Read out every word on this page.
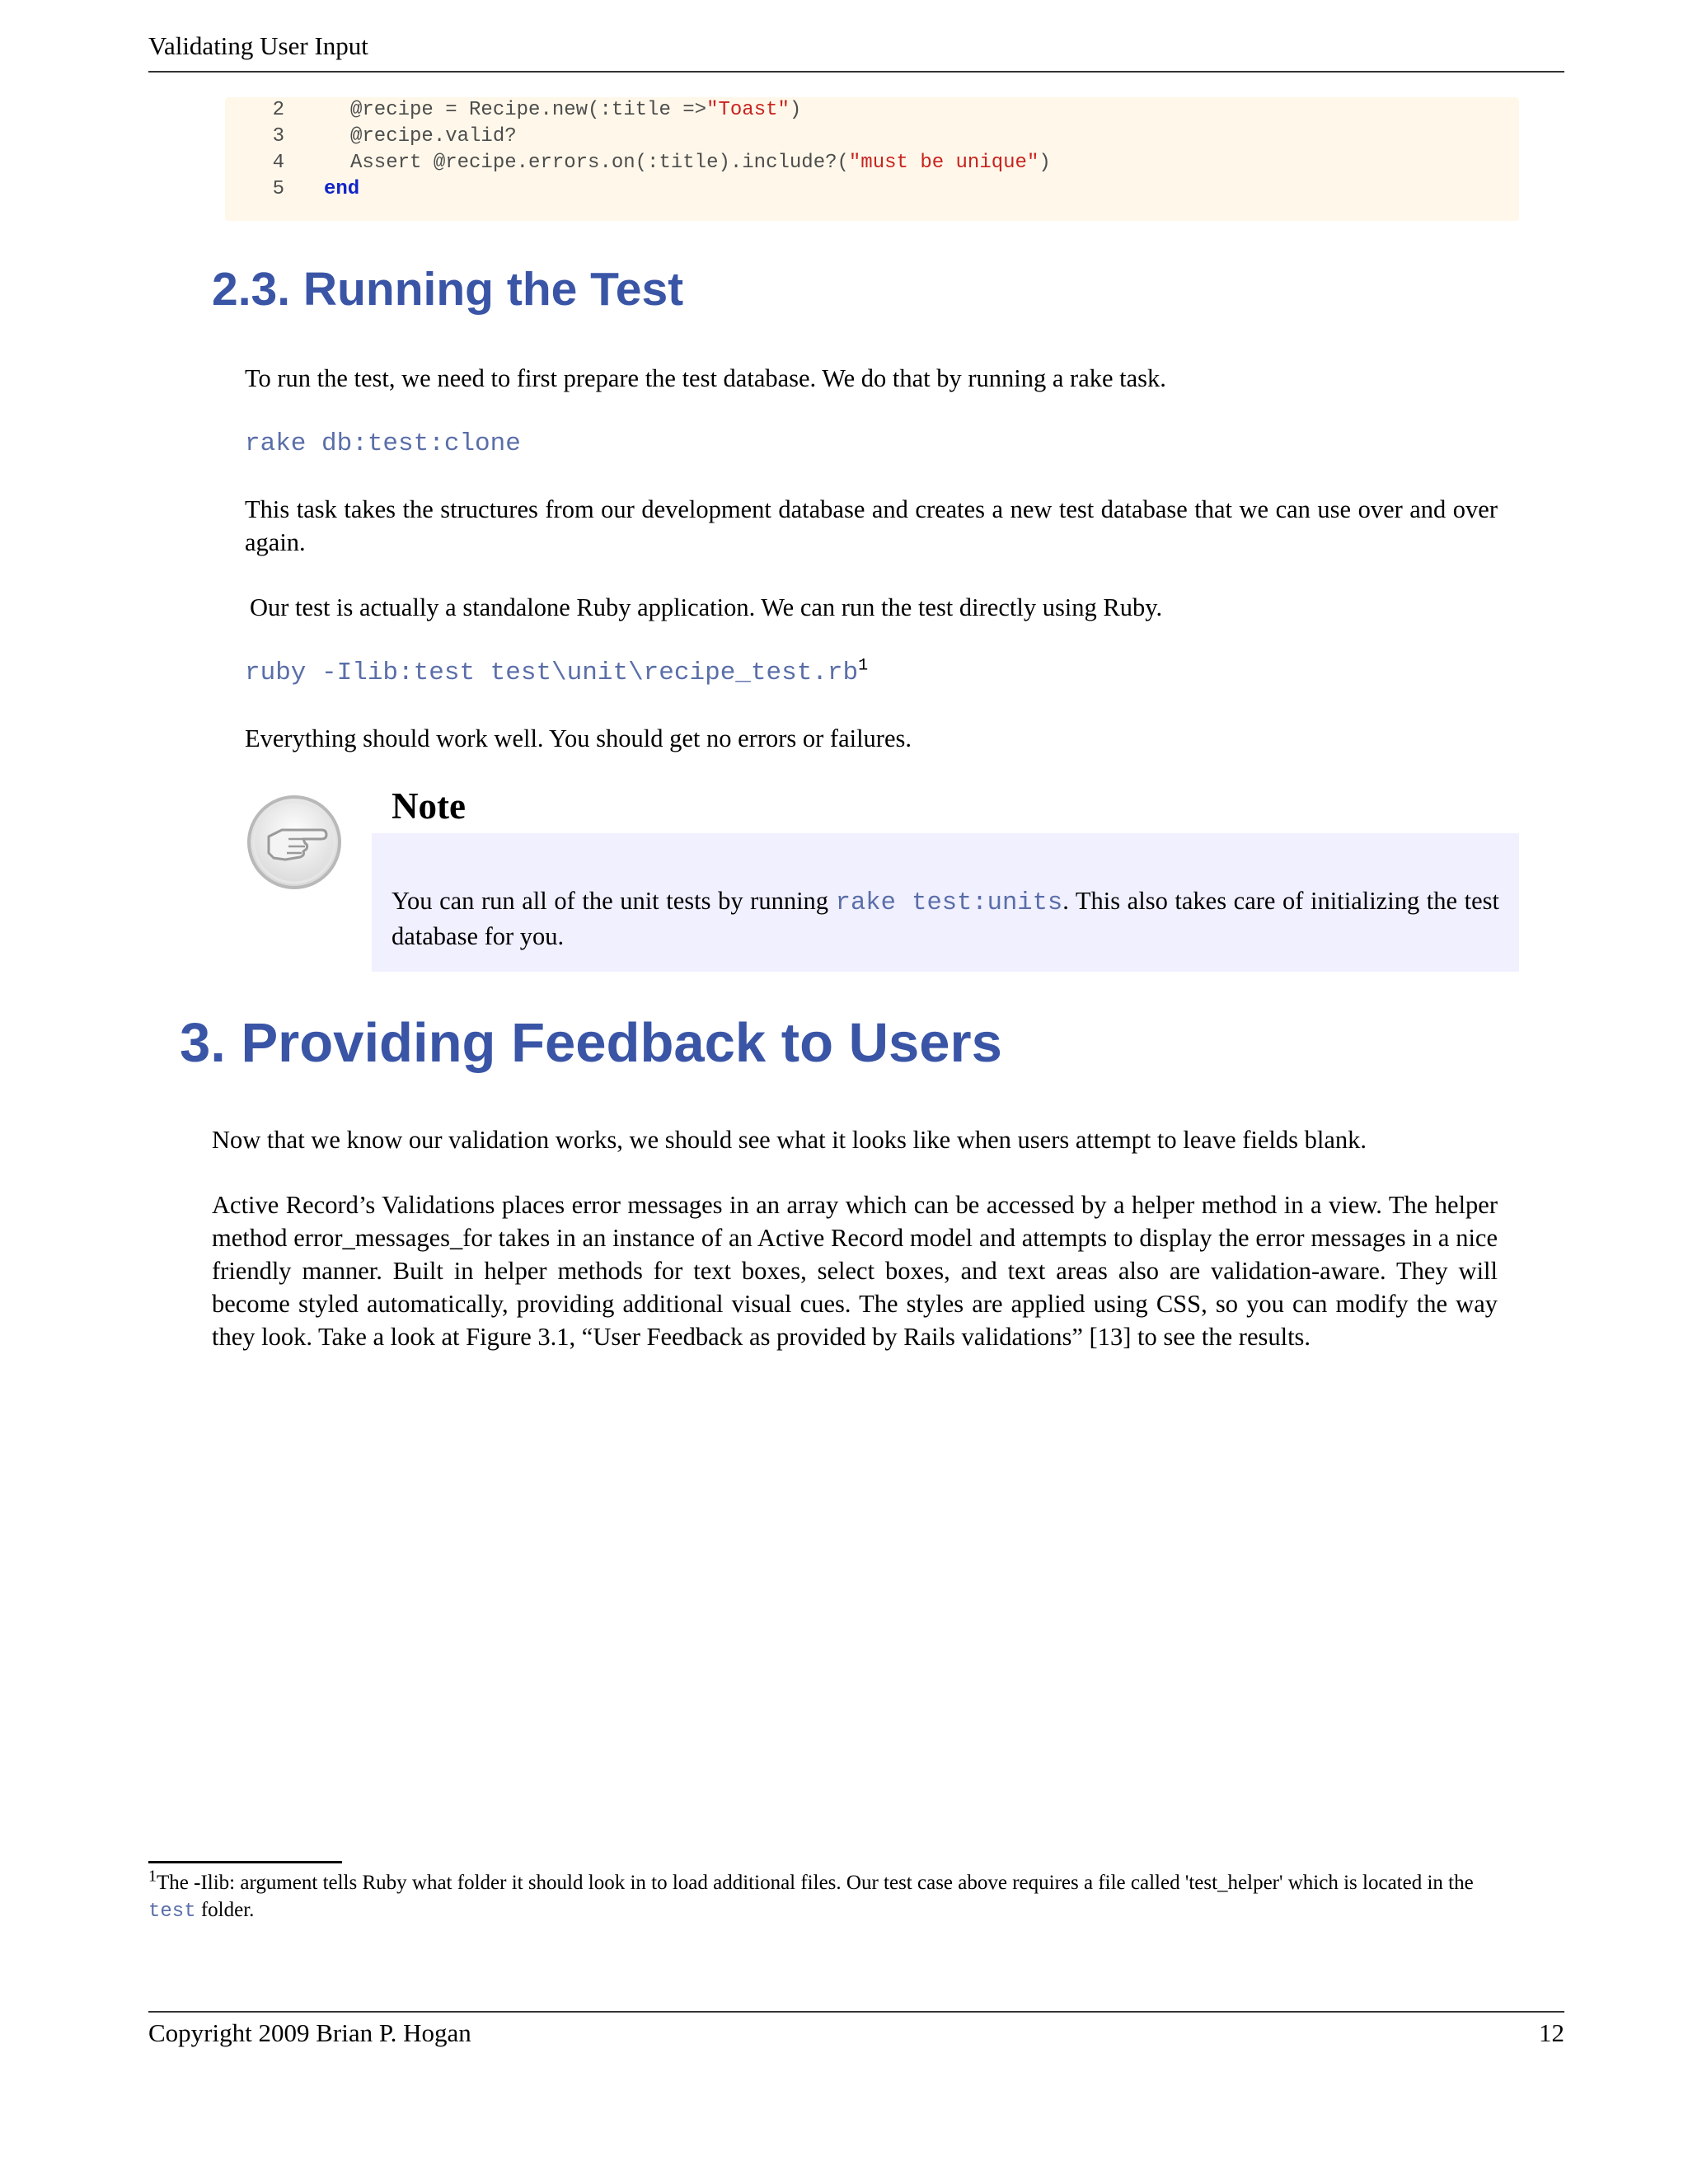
Validating User Input
2	@recipe = Recipe.new(:title =>"Toast")
3	@recipe.valid?
4	Assert @recipe.errors.on(:title).include?("must be unique")
5 end
2.3. Running the Test
To run the test, we need to first prepare the test database. We do that by running a rake task.
rake db:test:clone
This task takes the structures from our development database and creates a new test database that we can use over and over again.
Our test is actually a standalone Ruby application. We can run the test directly using Ruby.
ruby -Ilib:test $test\backslash unit\backslash recipe\_test.rb^1$
Everything should work well. You should get no errors or failures.
Note
You can run all of the unit tests by running rake test:units. This also takes care of initializing the test database for you.
3. Providing Feedback to Users
Now that we know our validation works, we should see what it looks like when users attempt to leave fields blank.
Active Record’s Validations places error messages in an array which can be accessed by a helper method in a view. The helper method error_messages_for takes in an instance of an Active Record model and attempts to display the error messages in a nice friendly manner. Built in helper methods for text boxes, select boxes, and text areas also are validation-aware. They will become styled automatically, providing additional visual cues. The styles are applied using CSS, so you can modify the way they look. Take a look at Figure 3.1, “User Feedback as provided by Rails validations” [13] to see the results.
$^1$The -Ilib: argument tells Ruby what folder it should look in to load additional files. Our test case above requires a file called 'test_helper' which is located in the test folder.
Copyright 2009 Brian P. Hogan	12
